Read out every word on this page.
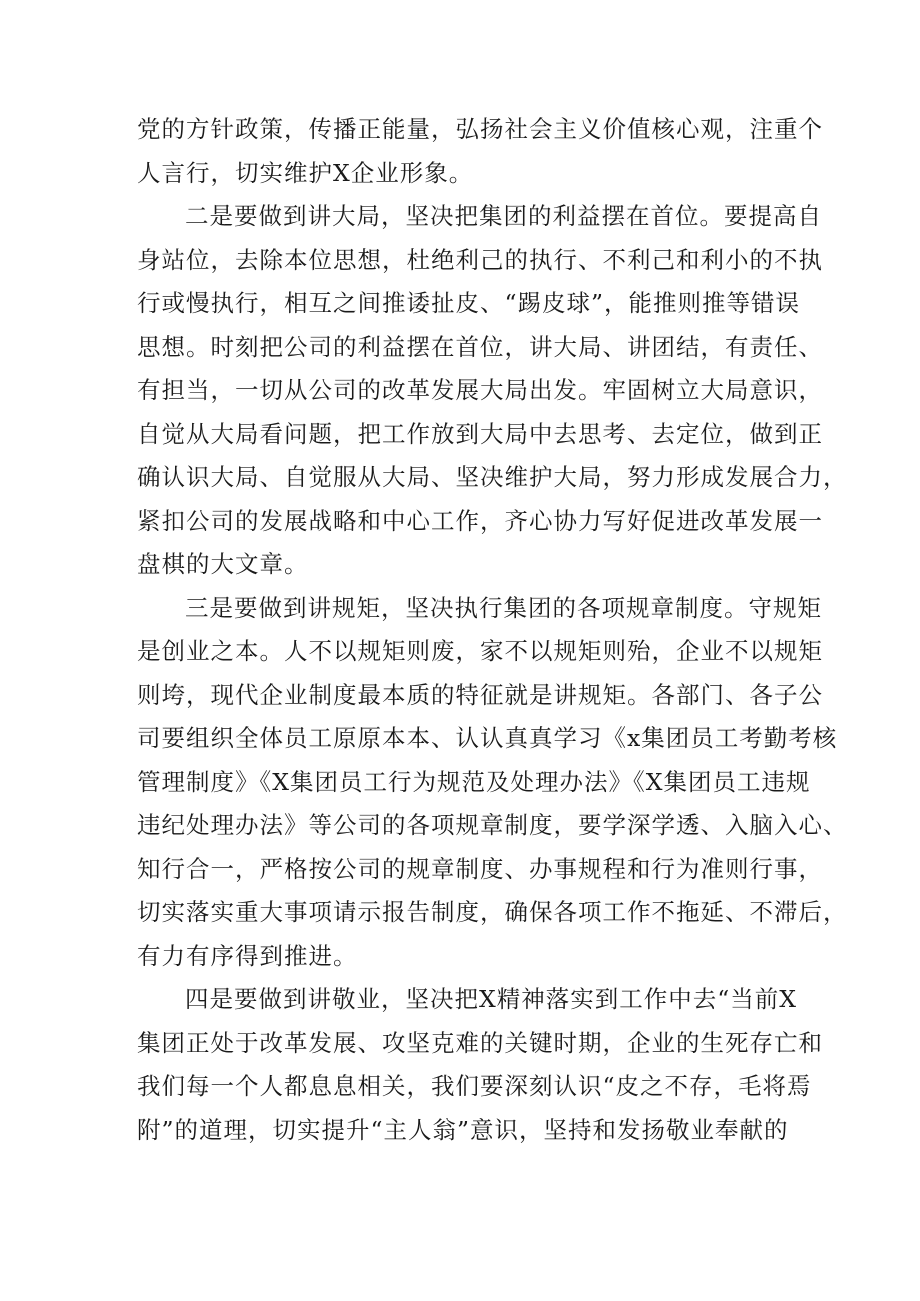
党的方针政策，传播正能量，弘扬社会主义价值核心观，注重个
人言行，切实维护X企业形象。
二是要做到讲大局，坚决把集团的利益摆在首位。要提高自
身站位，去除本位思想，杜绝利己的执行、不利己和利小的不执
行或慢执行，相互之间推诿扯皮、“踢皮球”，能推则推等错误
思想。时刻把公司的利益摆在首位，讲大局、讲团结，有责任、
有担当，一切从公司的改革发展大局出发。牢固树立大局意识，
自觉从大局看问题，把工作放到大局中去思考、去定位，做到正
确认识大局、自觉服从大局、坚决维护大局，努力形成发展合力，
紧扣公司的发展战略和中心工作，齐心协力写好促进改革发展一
盘棋的大文章。
三是要做到讲规矩，坚决执行集团的各项规章制度。守规矩
是创业之本。人不以规矩则废，家不以规矩则殆，企业不以规矩
则垮，现代企业制度最本质的特征就是讲规矩。各部门、各子公
司要组织全体员工原原本本、认认真真学习《x集团员工考勤考核
管理制度》《X集团员工行为规范及处理办法》《X集团员工违规
违纪处理办法》等公司的各项规章制度，要学深学透、入脑入心、
知行合一，严格按公司的规章制度、办事规程和行为准则行事，
切实落实重大事项请示报告制度，确保各项工作不拖延、不滞后，
有力有序得到推进。
四是要做到讲敬业，坚决把X精神落实到工作中去“当前X
集团正处于改革发展、攻坚克难的关键时期，企业的生死存亡和
我们每一个人都息息相关，我们要深刻认识“皮之不存，毛将焉
附”的道理，切实提升“主人翁”意识，坚持和发扬敬业奉献的
